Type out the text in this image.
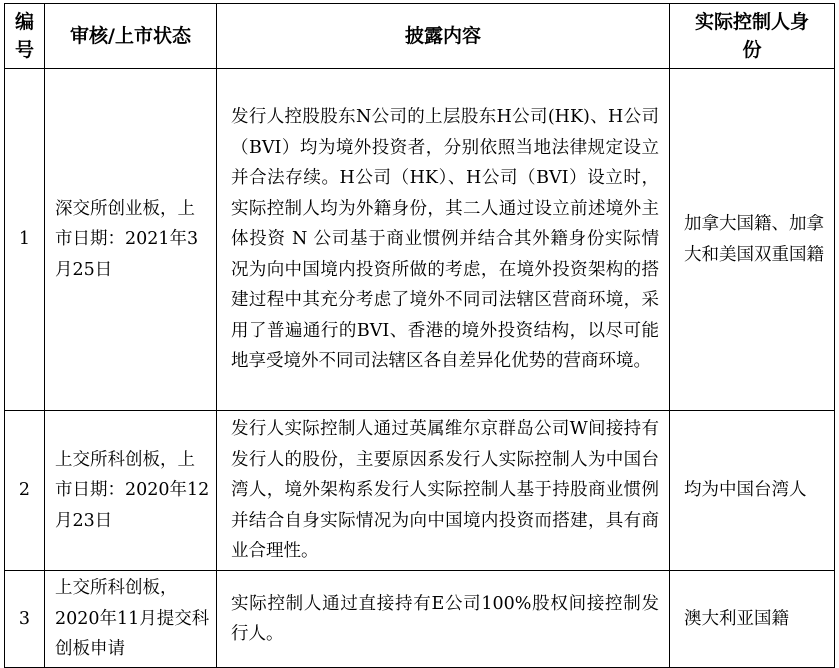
编号	审核/上市状态	披露内容	实际控制人身份
1	深交所创业板，上市日期：2021年3月25日	发行人控股股东N公司的上层股东H公司(HK)、H公司（BVI）均为境外投资者，分别依照当地法律规定设立并合法存续。H公司（HK）、H公司（BVI）设立时，实际控制人均为外籍身份，其二人通过设立前述境外主体投资 N 公司基于商业惯例并结合其外籍身份实际情况为向中国境内投资所做的考虑，在境外投资架构的搭建过程中其充分考虑了境外不同司法辖区营商环境，采用了普遍通行的BVI、香港的境外投资结构，以尽可能地享受境外不同司法辖区各自差异化优势的营商环境。	加拿大国籍、加拿大和美国双重国籍
2	上交所科创板，上市日期：2020年12月23日	发行人实际控制人通过英属维尔京群岛公司W间接持有发行人的股份，主要原因系发行人实际控制人为中国台湾人，境外架构系发行人实际控制人基于持股商业惯例并结合自身实际情况为向中国境内投资而搭建，具有商业合理性。	均为中国台湾人
3	上交所科创板，2020年11月提交科创板申请	实际控制人通过直接持有E公司100%股权间接控制发行人。	澳大利亚国籍
